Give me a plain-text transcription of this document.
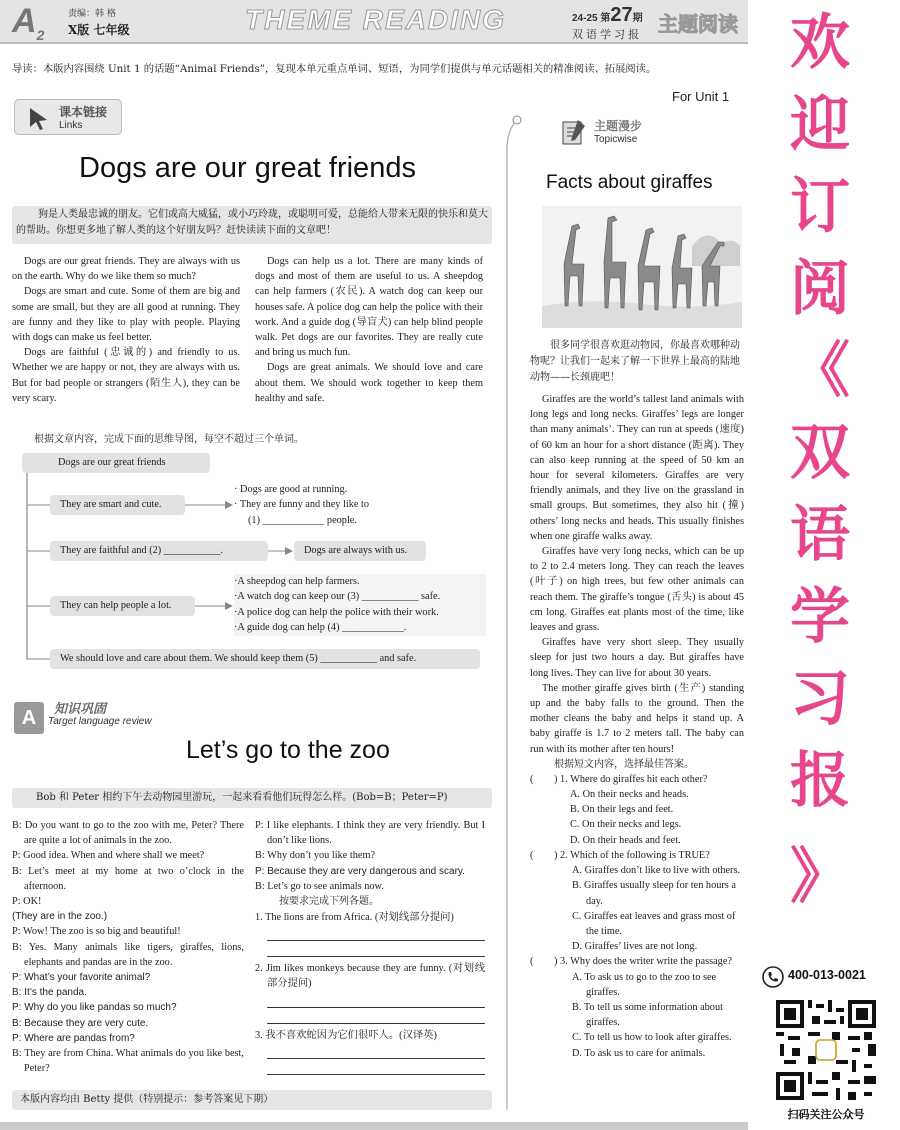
$A_2$
责编：韩 格
X版 七年级	THEME READING	24-25 第27期
双语学习报 主题阅读
导读：本版内容围绕 Unit 1 的话题“Animal Friends”，复现本单元重点单词、短语，为同学们提供与单元话题相关的精准阅读、拓展阅读。
For Unit 1
课本链接
Links
Dogs are our great friends
狗是人类最忠诚的朋友。它们或高大威猛，或小巧玲珑，或聪明可爱，总能给人带来无限的快乐和莫大的帮助。你想更多地了解人类的这个好朋友吗？赶快读读下面的文章吧！

Dogs are our great friends. They are always with us on the earth. Why do we like them so much?

Dogs are smart and cute. Some of them are big and some are small, but they are all good at running. They are funny and they like to play with people. Playing with dogs can make us feel better.

Dogs are faithful (忠诚的) and friendly to us. Whether we are happy or not, they are always with us. But for bad people or strangers (陌生人), they can be very scary.

Dogs can help us a lot. There are many kinds of dogs and most of them are useful to us. A sheepdog can help farmers (农民). A watch dog can keep our houses safe. A police dog can help the police with their work. And a guide dog (导盲犬) can help blind people walk. Pet dogs are our favorites. They are really cute and bring us much fun.

Dogs are great animals. We should love and care about them. We should work together to keep them healthy and safe.

根据文章内容，完成下面的思维导图，每空不超过三个单词。
Dogs are our great friends
They are smart and cute.
· Dogs are good at running.
· They are funny and they like to
(1) ____________ people.
They are faithful and (2) ___________.	Dogs are always with us.
They can help people a lot.
·A sheepdog can help farmers.
·A watch dog can keep our (3) ___________ safe.
·A police dog can help the police with their work.
·A guide dog can help (4) ____________.
We should love and care about them. We should keep them (5) ___________ and safe.
A	知识巩固
Target language review
Let’s go to the zoo
Bob 和 Peter 相约下午去动物园里游玩，一起来看看他们玩得怎么样。(Bob=B；Peter=P)

B: Do you want to go to the zoo with me, Peter? There are quite a lot of animals in the zoo.

P: Good idea. When and where shall we meet?

B: Let’s meet at my home at two o’clock in the afternoon.

P: OK!

(They are in the zoo.)

P: Wow! The zoo is so big and beautiful!

B: Yes. Many animals like tigers, giraffes, lions, elephants and pandas are in the zoo.

P: What’s your favorite animal?

B: It’s the panda.

P: Why do you like pandas so much?

B: Because they are very cute.

P: Where are pandas from?

B: They are from China. What animals do you like best, Peter?

P: I like elephants. I think they are very friendly. But I don’t like lions.

B: Why don’t you like them?

P: Because they are very dangerous and scary.

B: Let’s go to see animals now.

按要求完成下列各题。

1. The lions are from Africa. (对划线部分提问)

2. Jim likes monkeys because they are funny. (对划线部分提问)

3. 我不喜欢蛇因为它们很吓人。(汉译英)

本版内容均由 Betty 提供（特别提示：参考答案见下期）
主题漫步
Topicwise
Facts about giraffes
很多同学很喜欢逛动物园，你最喜欢哪种动物呢？让我们一起来了解一下世界上最高的陆地动物——长颈鹿吧！

Giraffes are the world’s tallest land animals with long legs and long necks. Giraffes’ legs are longer than many animals’. They can run at speeds (速度) of 60 km an hour for a short distance (距离). They can also keep running at the speed of 50 km an hour for several kilometers. Giraffes are very friendly animals, and they live on the grassland in small groups. But sometimes, they also hit (撞) others’ long necks and heads. This usually finishes when one giraffe walks away.

Giraffes have very long necks, which can be up to 2 to 2.4 meters long. They can reach the leaves (叶子) on high trees, but few other animals can reach them. The giraffe’s tongue (舌头) is about 45 cm long. Giraffes eat plants most of the time, like leaves and grass.

Giraffes have very short sleep. They usually sleep for just two hours a day. But giraffes have long lives. They can live for about 30 years.

The mother giraffe gives birth (生产) standing up and the baby falls to the ground. Then the mother cleans the baby and helps it stand up. A baby giraffe is 1.7 to 2 meters tall. The baby can run with its mother after ten hours!

根据短文内容，选择最佳答案。
(　　) 1. Where do giraffes hit each other?
A. On their necks and heads.
B. On their legs and feet.
C. On their necks and legs.
D. On their heads and feet.
(　　) 2. Which of the following is TRUE?
A. Giraffes don’t like to live with others.
B. Giraffes usually sleep for ten hours a day.
C. Giraffes eat leaves and grass most of the time.
D. Giraffes’ lives are not long.
(　　) 3. Why does the writer write the passage?
A. To ask us to go to the zoo to see giraffes.
B. To tell us some information about giraffes.
C. To tell us how to look after giraffes.
D. To ask us to care for animals.
欢
迎
订
阅
《
双
语
学
习
报
》
400-013-0021
扫码关注公众号
